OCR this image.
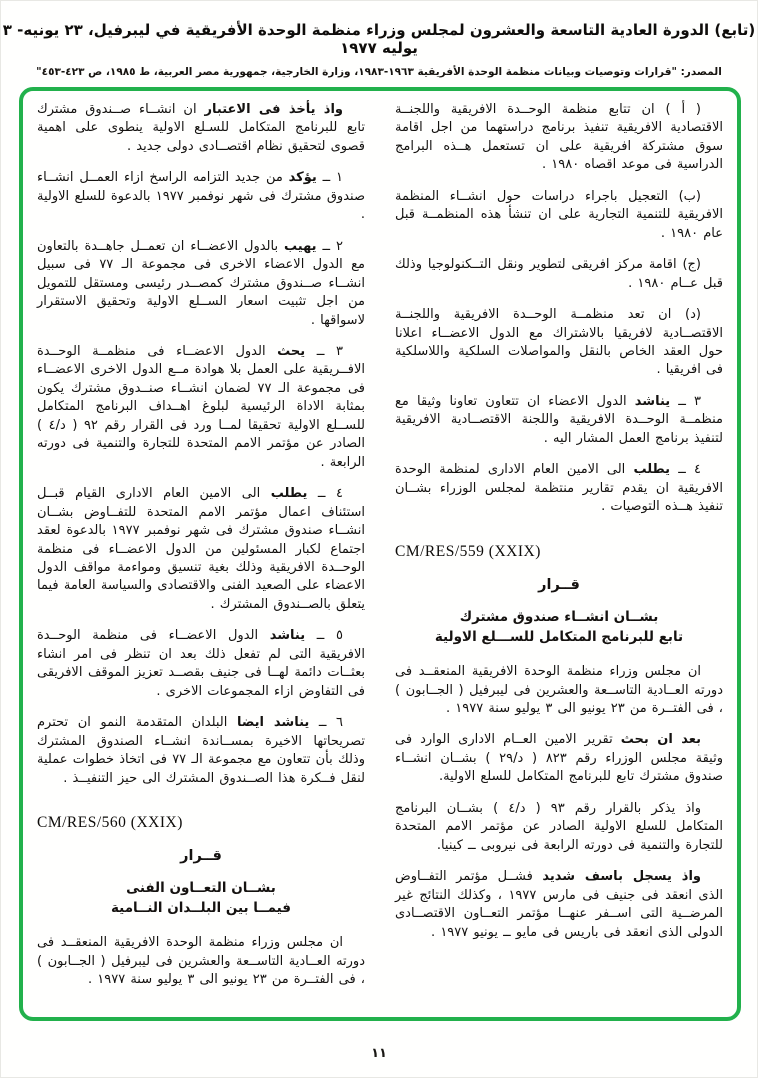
(تابع) الدورة العادية التاسعة والعشرون لمجلس وزراء منظمة الوحدة الأفريقية في ليبرفيل، ٢٣ يونيه- ٣ يوليه ١٩٧٧
المصدر: "قرارات وتوصيات وبيانات منظمة الوحدة الأفريقية ١٩٦٣-١٩٨٣، وزارة الخارجية، جمهورية مصر العربية، ط ١٩٨٥، ص ٤٢٣-٤٥٣"

( أ ) ان تتابع منظمة الوحــدة الافريقية واللجنــة الاقتصادية الافريقية تنفيذ برنامج دراستهما من اجل اقامة سوق مشتركة افريقية على ان تستعمل هــذه البرامج الدراسية فى موعد اقصاه ١٩٨٠ .

(ب) التعجيل باجراء دراسات حول انشــاء المنظمة الافريقية للتنمية التجارية على ان تنشأ هذه المنظمــة قبل عام ١٩٨٠ .

(ج) اقامة مركز افريقى لتطوير ونقل التــكنولوجيا وذلك قبل عــام ١٩٨٠ .

(د) ان تعد منظمــة الوحــدة الافريقية واللجنــة الاقتصــادية لافريقيا بالاشتراك مع الدول الاعضــاء اعلانا حول العقد الخاص بالنقل والمواصلات السلكية واللاسلكية فى افريقيا .

٣ ــ يناشد الدول الاعضاء ان تتعاون تعاونا وثيقا مع منظمــة الوحــدة الافريقية واللجنة الاقتصــادية الافريقية لتنفيذ برنامج العمل المشار اليه .

٤ ــ يطلب الى الامين العام الادارى لمنظمة الوحدة الافريقية ان يقدم تقارير منتظمة لمجلس الوزراء بشــان تنفيذ هــذه التوصيات .

CM/RES/559 (XXIX)
قــرار
بشــان انشــاء صندوق مشترك
تابع للبرنامج المتكامل للســـلع الاولية

ان مجلس وزراء منظمة الوحدة الافريقية المنعقــد فى دورته العــادية التاســعة والعشرين فى ليبرفيل ( الجــابون ) ، فى الفتــرة من ٢٣ يونيو الى ٣ يوليو سنة ١٩٧٧ .

بعد ان بحث تقرير الامين العــام الادارى الوارد فى وثيقة مجلس الوزراء رقم ٨٢٣ ( د/٢٩ ) بشــان انشــاء صندوق مشترك تابع للبرنامج المتكامل للسلع الاولية.

واذ يذكر بالقرار رقم ٩٣ ( د/٤ ) بشــان البرنامج المتكامل للسلع الاولية الصادر عن مؤتمر الامم المتحدة للتجارة والتنمية فى دورته الرابعة فى نيروبى ــ كينيا.

واذ يسجل باسف شديد فشــل مؤتمر التفــاوض الذى انعقد فى جنيف فى مارس ١٩٧٧ ، وكذلك النتائج غير المرضــية التى اســفر عنهــا مؤتمر التعــاون الاقتصــادى الدولى الذى انعقد فى باريس فى مايو ــ يونيو ١٩٧٧ .

واذ يأخذ فى الاعتبار ان انشــاء صــندوق مشترك تابع للبرنامج المتكامل للسـلع الاولية ينطوى على اهمية قصوى لتحقيق نظام اقتصــادى دولى جديد .

١ ــ يؤكد من جديد التزامه الراسخ ازاء العمــل انشــاء صندوق مشترك فى شهر نوفمبر ١٩٧٧ بالدعوة للسلع الاولية .

٢ ــ يهيب بالدول الاعضــاء ان تعمــل جاهــدة بالتعاون مع الدول الاعضاء الاخرى فى مجموعة الـ ٧٧ فى سبيل انشــاء صــندوق مشترك كمصــدر رئيسى ومستقل للتمويل من اجل تثبيت اسعار الســلع الاولية وتحقيق الاستقرار لاسواقها .

٣ ــ يحث الدول الاعضــاء فى منظمــة الوحــدة الافــريقية على العمل بلا هوادة مــع الدول الاخرى الاعضــاء فى مجموعة الـ ٧٧ لضمان انشــاء صنــدوق مشترك يكون بمثابة الاداة الرئيسية لبلوغ اهــداف البرنامج المتكامل للســلع الاولية تحقيقا لمــا ورد فى القرار رقم ٩٢ ( د/٤ ) الصادر عن مؤتمر الامم المتحدة للتجارة والتنمية فى دورته الرابعة .

٤ ــ يطلب الى الامين العام الادارى القيام قبــل استئناف اعمال مؤتمر الامم المتحدة للتفــاوض بشــان انشــاء صندوق مشترك فى شهر نوفمبر ١٩٧٧ بالدعوة لعقد اجتماع لكبار المسئولين من الدول الاعضــاء فى منظمة الوحــدة الافريقية وذلك بغية تنسيق ومواءمة مواقف الدول الاعضاء على الصعيد الفنى والاقتصادى والسياسة العامة فيما يتعلق بالصــندوق المشترك .

٥ ــ يناشد الدول الاعضــاء فى منظمة الوحــدة الافريقية التى لم تفعل ذلك بعد ان تنظر فى امر انشاء بعثــات دائمة لهــا فى جنيف بقصــد تعزيز الموقف الافريقى فى التفاوض ازاء المجموعات الاخرى .

٦ ــ يناشد ايضا البلدان المتقدمة النمو ان تحترم تصريحاتها الاخيرة بمســاندة انشــاء الصندوق المشترك وذلك بأن تتعاون مع مجموعة الـ ٧٧ فى اتخاذ خطوات عملية لنقل فــكرة هذا الصــندوق المشترك الى حيز التنفيــذ .

CM/RES/560 (XXIX)
قــرار
بشــان التعــاون الفنى
فيمــا بين البلــدان النــامية

ان مجلس وزراء منظمة الوحدة الافريقية المنعقــد فى دورته العــادية التاســعة والعشرين فى ليبرفيل ( الجــابون ) ، فى الفتــرة من ٢٣ يونيو الى ٣ يوليو سنة ١٩٧٧ .

١١
